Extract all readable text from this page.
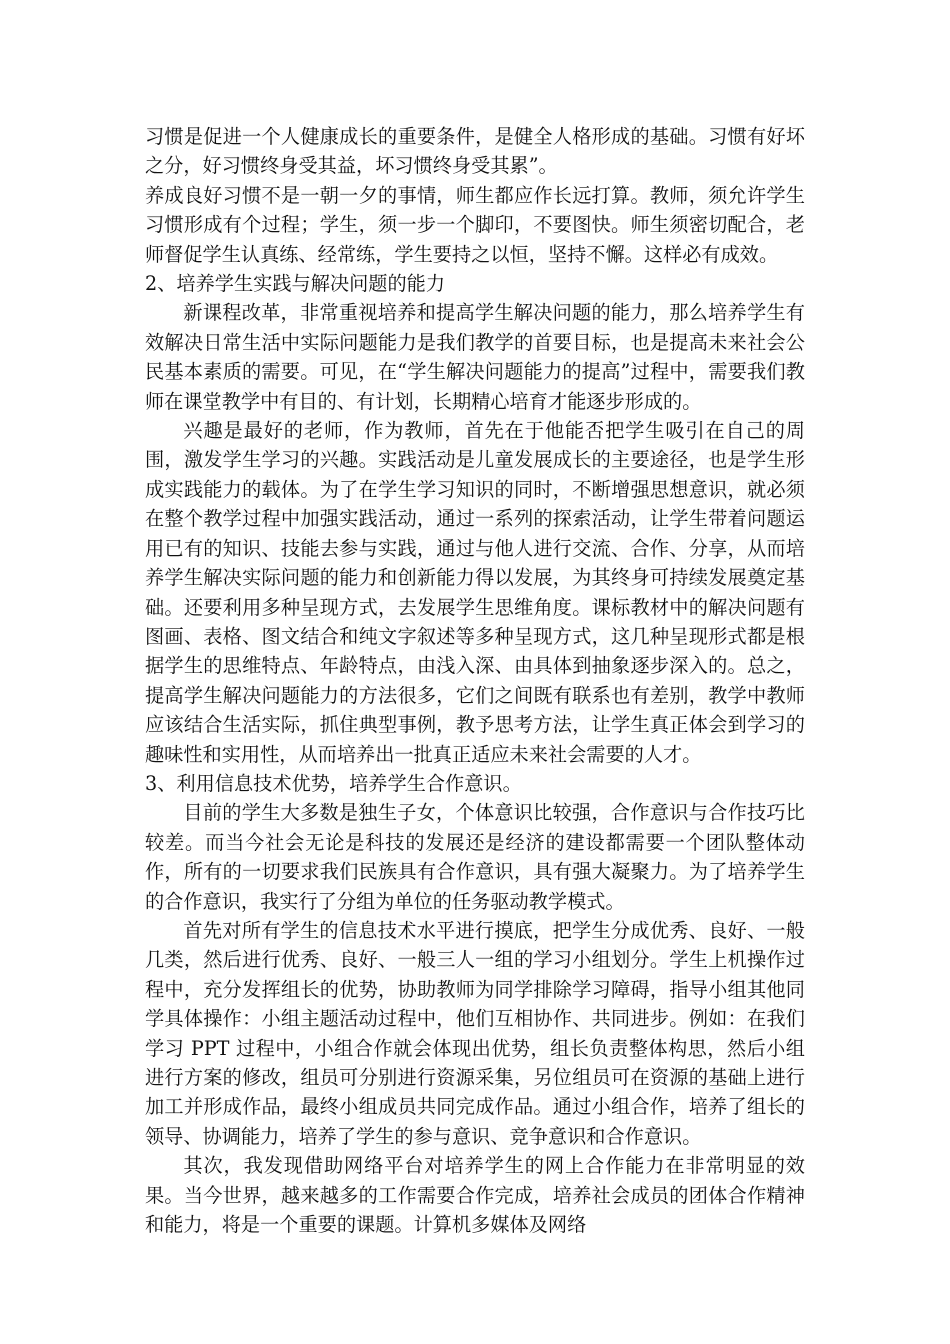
习惯是促进一个人健康成长的重要条件，是健全人格形成的基础。习惯有好坏之分，好习惯终身受其益，坏习惯终身受其累”。

养成良好习惯不是一朝一夕的事情，师生都应作长远打算。教师，须允许学生习惯形成有个过程；学生，须一步一个脚印，不要图快。师生须密切配合，老师督促学生认真练、经常练，学生要持之以恒，坚持不懈。这样必有成效。

2、培养学生实践与解决问题的能力

新课程改革，非常重视培养和提高学生解决问题的能力，那么培养学生有效解决日常生活中实际问题能力是我们教学的首要目标，也是提高未来社会公民基本素质的需要。可见，在“学生解决问题能力的提高”过程中，需要我们教师在课堂教学中有目的、有计划，长期精心培育才能逐步形成的。

兴趣是最好的老师，作为教师，首先在于他能否把学生吸引在自己的周围，激发学生学习的兴趣。实践活动是儿童发展成长的主要途径，也是学生形成实践能力的载体。为了在学生学习知识的同时，不断增强思想意识，就必须在整个教学过程中加强实践活动，通过一系列的探索活动，让学生带着问题运用已有的知识、技能去参与实践，通过与他人进行交流、合作、分享，从而培养学生解决实际问题的能力和创新能力得以发展，为其终身可持续发展奠定基础。还要利用多种呈现方式，去发展学生思维角度。课标教材中的解决问题有图画、表格、图文结合和纯文字叙述等多种呈现方式，这几种呈现形式都是根据学生的思维特点、年龄特点，由浅入深、由具体到抽象逐步深入的。总之，提高学生解决问题能力的方法很多，它们之间既有联系也有差别，教学中教师应该结合生活实际，抓住典型事例，教予思考方法，让学生真正体会到学习的趣味性和实用性，从而培养出一批真正适应未来社会需要的人才。

3、利用信息技术优势，培养学生合作意识。

目前的学生大多数是独生子女，个体意识比较强，合作意识与合作技巧比较差。而当今社会无论是科技的发展还是经济的建设都需要一个团队整体动作，所有的一切要求我们民族具有合作意识，具有强大凝聚力。为了培养学生的合作意识，我实行了分组为单位的任务驱动教学模式。

首先对所有学生的信息技术水平进行摸底，把学生分成优秀、良好、一般几类，然后进行优秀、良好、一般三人一组的学习小组划分。学生上机操作过程中，充分发挥组长的优势，协助教师为同学排除学习障碍，指导小组其他同学具体操作：小组主题活动过程中，他们互相协作、共同进步。例如：在我们学习 PPT 过程中，小组合作就会体现出优势，组长负责整体构思，然后小组进行方案的修改，组员可分别进行资源采集，另位组员可在资源的基础上进行加工并形成作品，最终小组成员共同完成作品。通过小组合作，培养了组长的领导、协调能力，培养了学生的参与意识、竞争意识和合作意识。

其次，我发现借助网络平台对培养学生的网上合作能力在非常明显的效果。当今世界，越来越多的工作需要合作完成，培养社会成员的团体合作精神和能力，将是一个重要的课题。计算机多媒体及网络
